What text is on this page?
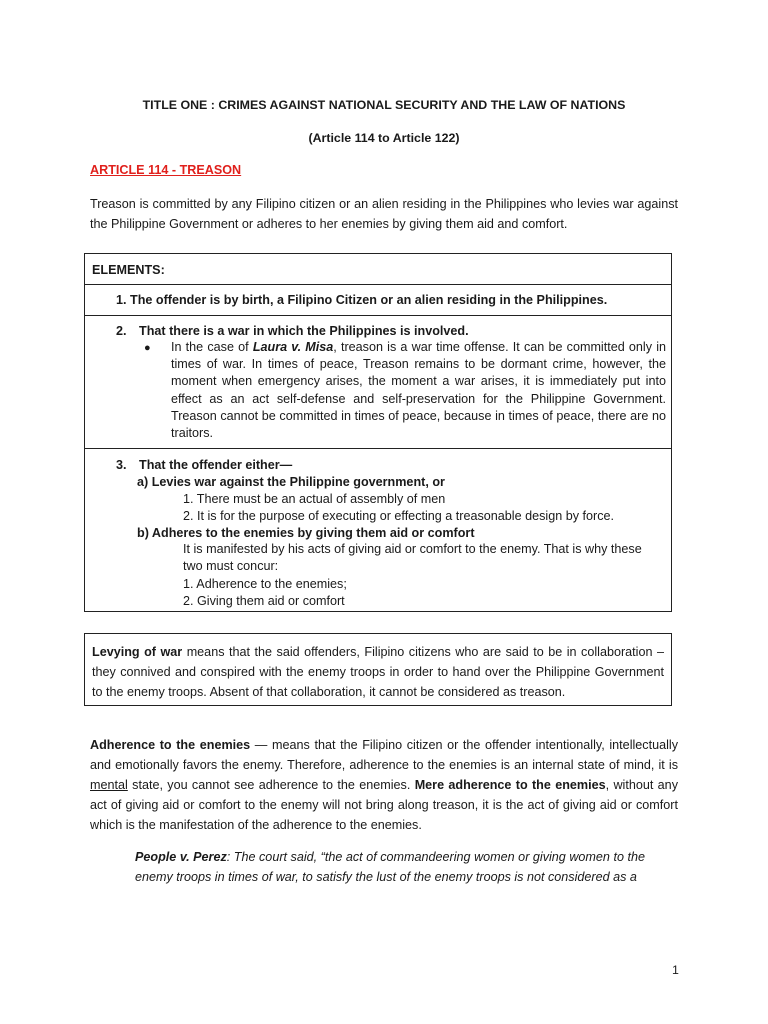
TITLE ONE : CRIMES AGAINST NATIONAL SECURITY AND THE LAW OF NATIONS
(Article 114 to Article 122)
ARTICLE 114 - TREASON
Treason is committed by any Filipino citizen or an alien residing in the Philippines who levies war against the Philippine Government or adheres to her enemies by giving them aid and comfort.
ELEMENTS:
1. The offender is by birth, a Filipino Citizen or an alien residing in the Philippines.
2. That there is a war in which the Philippines is involved.
● In the case of Laura v. Misa, treason is a war time offense. It can be committed only in times of war. In times of peace, Treason remains to be dormant crime, however, the moment when emergency arises, the moment a war arises, it is immediately put into effect as an act self-defense and self-preservation for the Philippine Government. Treason cannot be committed in times of peace, because in times of peace, there are no traitors.
3. That the offender either—
a) Levies war against the Philippine government, or
1. There must be an actual of assembly of men
2. It is for the purpose of executing or effecting a treasonable design by force.
b) Adheres to the enemies by giving them aid or comfort
It is manifested by his acts of giving aid or comfort to the enemy. That is why these two must concur:
1. Adherence to the enemies;
2. Giving them aid or comfort
Levying of war means that the said offenders, Filipino citizens who are said to be in collaboration – they connived and conspired with the enemy troops in order to hand over the Philippine Government to the enemy troops. Absent of that collaboration, it cannot be considered as treason.
Adherence to the enemies — means that the Filipino citizen or the offender intentionally, intellectually and emotionally favors the enemy. Therefore, adherence to the enemies is an internal state of mind, it is mental state, you cannot see adherence to the enemies. Mere adherence to the enemies, without any act of giving aid or comfort to the enemy will not bring along treason, it is the act of giving aid or comfort which is the manifestation of the adherence to the enemies.
People v. Perez: The court said, “the act of commandeering women or giving women to the enemy troops in times of war, to satisfy the lust of the enemy troops is not considered as a
1
